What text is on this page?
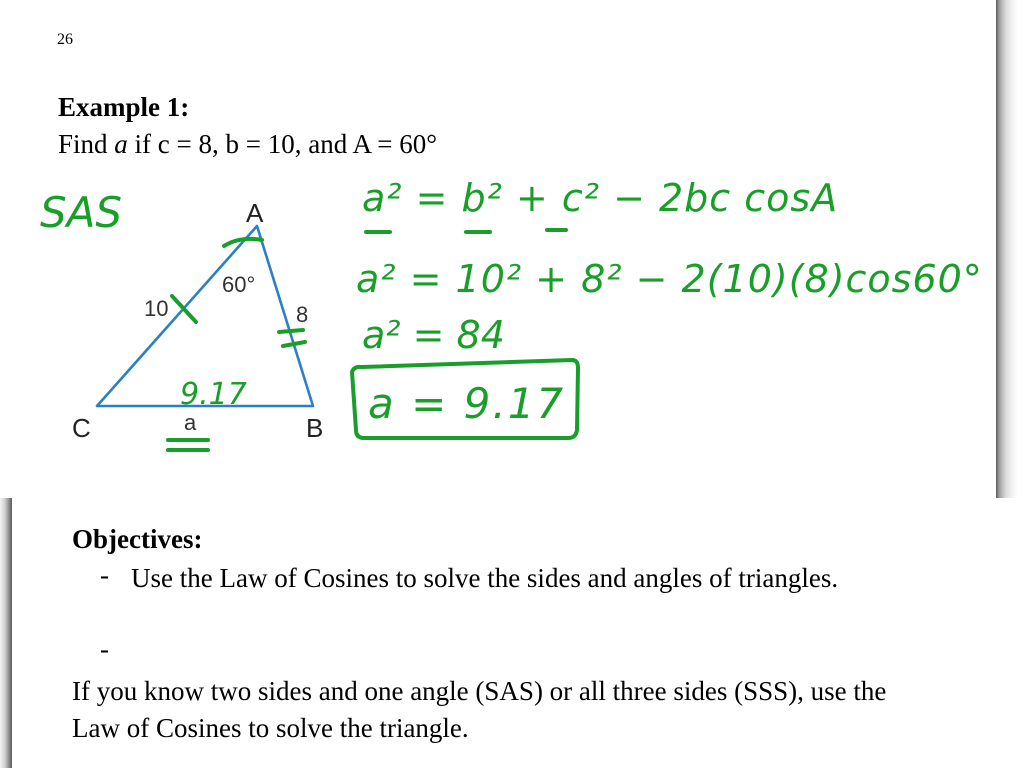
26
Example 1:
Find a if c = 8, b = 10, and A = 60°
A
C	B
10	8
a
60°
SAS	a² = b² + c² − 2bc cosA
a² = 10² + 8² − 2(10)(8)cos60°
a² = 84
a = 9.17
9.17
Objectives:
- Use the Law of Cosines to solve the sides and angles of triangles.
-
If you know two sides and one angle (SAS) or all three sides (SSS), use the Law of Cosines to solve the triangle.
